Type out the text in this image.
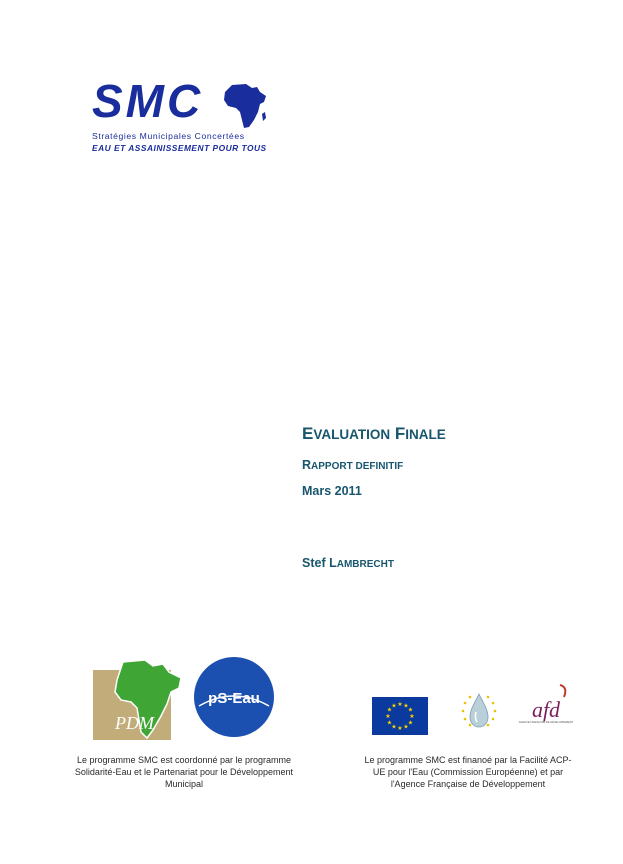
SMC
Stratégies Municipales Concertées
EAU ET ASSAINISSEMENT POUR TOUS
EVALUATION FINALE
RAPPORT DEFINITIF
Mars 2011
Stef LAMBRECHT
PDM
pS-Eau
Le programme SMC est coordonné par le programme Solidarité-Eau et le Partenariat pour le Développement Municipal
★ ★
★
★
★
★
★
★
★
★
★
★	afd
AGENCE FRANÇAISE DE DÉVELOPPEMENT
Le programme SMC est finanoé par la Facilité ACP-UE pour l'Eau (Commission Européenne) et par l'Agence Française de Développement
